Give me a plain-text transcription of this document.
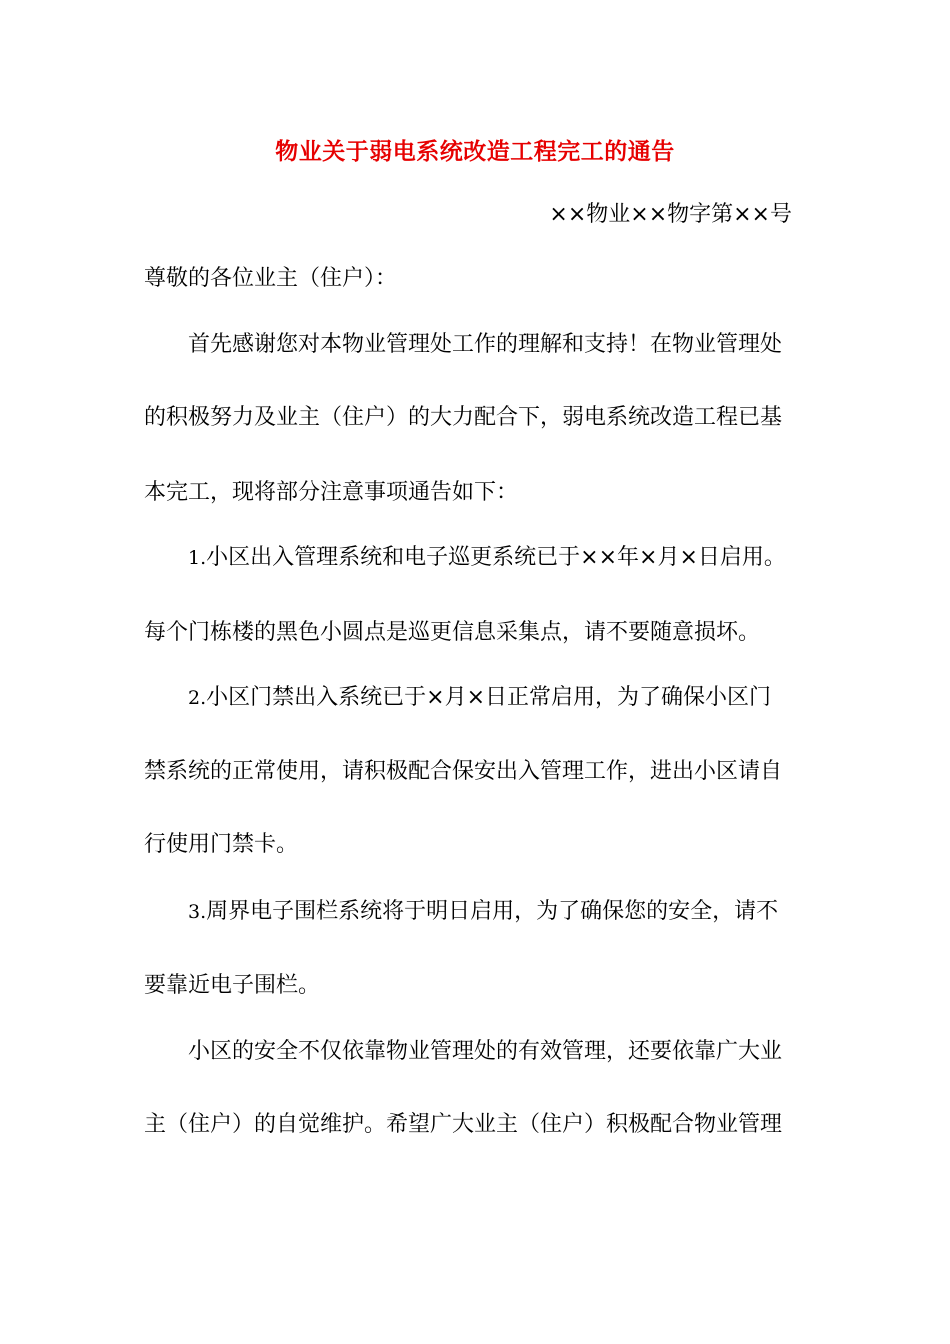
物业关于弱电系统改造工程完工的通告
××物业××物字第××号
尊敬的各位业主（住户）：
首先感谢您对本物业管理处工作的理解和支持！在物业管理处
的积极努力及业主（住户）的大力配合下，弱电系统改造工程已基
本完工，现将部分注意事项通告如下：
1.小区出入管理系统和电子巡更系统已于××年×月×日启用。
每个门栋楼的黑色小圆点是巡更信息采集点，请不要随意损坏。
2.小区门禁出入系统已于×月×日正常启用，为了确保小区门
禁系统的正常使用，请积极配合保安出入管理工作，进出小区请自
行使用门禁卡。
3.周界电子围栏系统将于明日启用，为了确保您的安全，请不
要靠近电子围栏。
小区的安全不仅依靠物业管理处的有效管理，还要依靠广大业
主（住户）的自觉维护。希望广大业主（住户）积极配合物业管理
